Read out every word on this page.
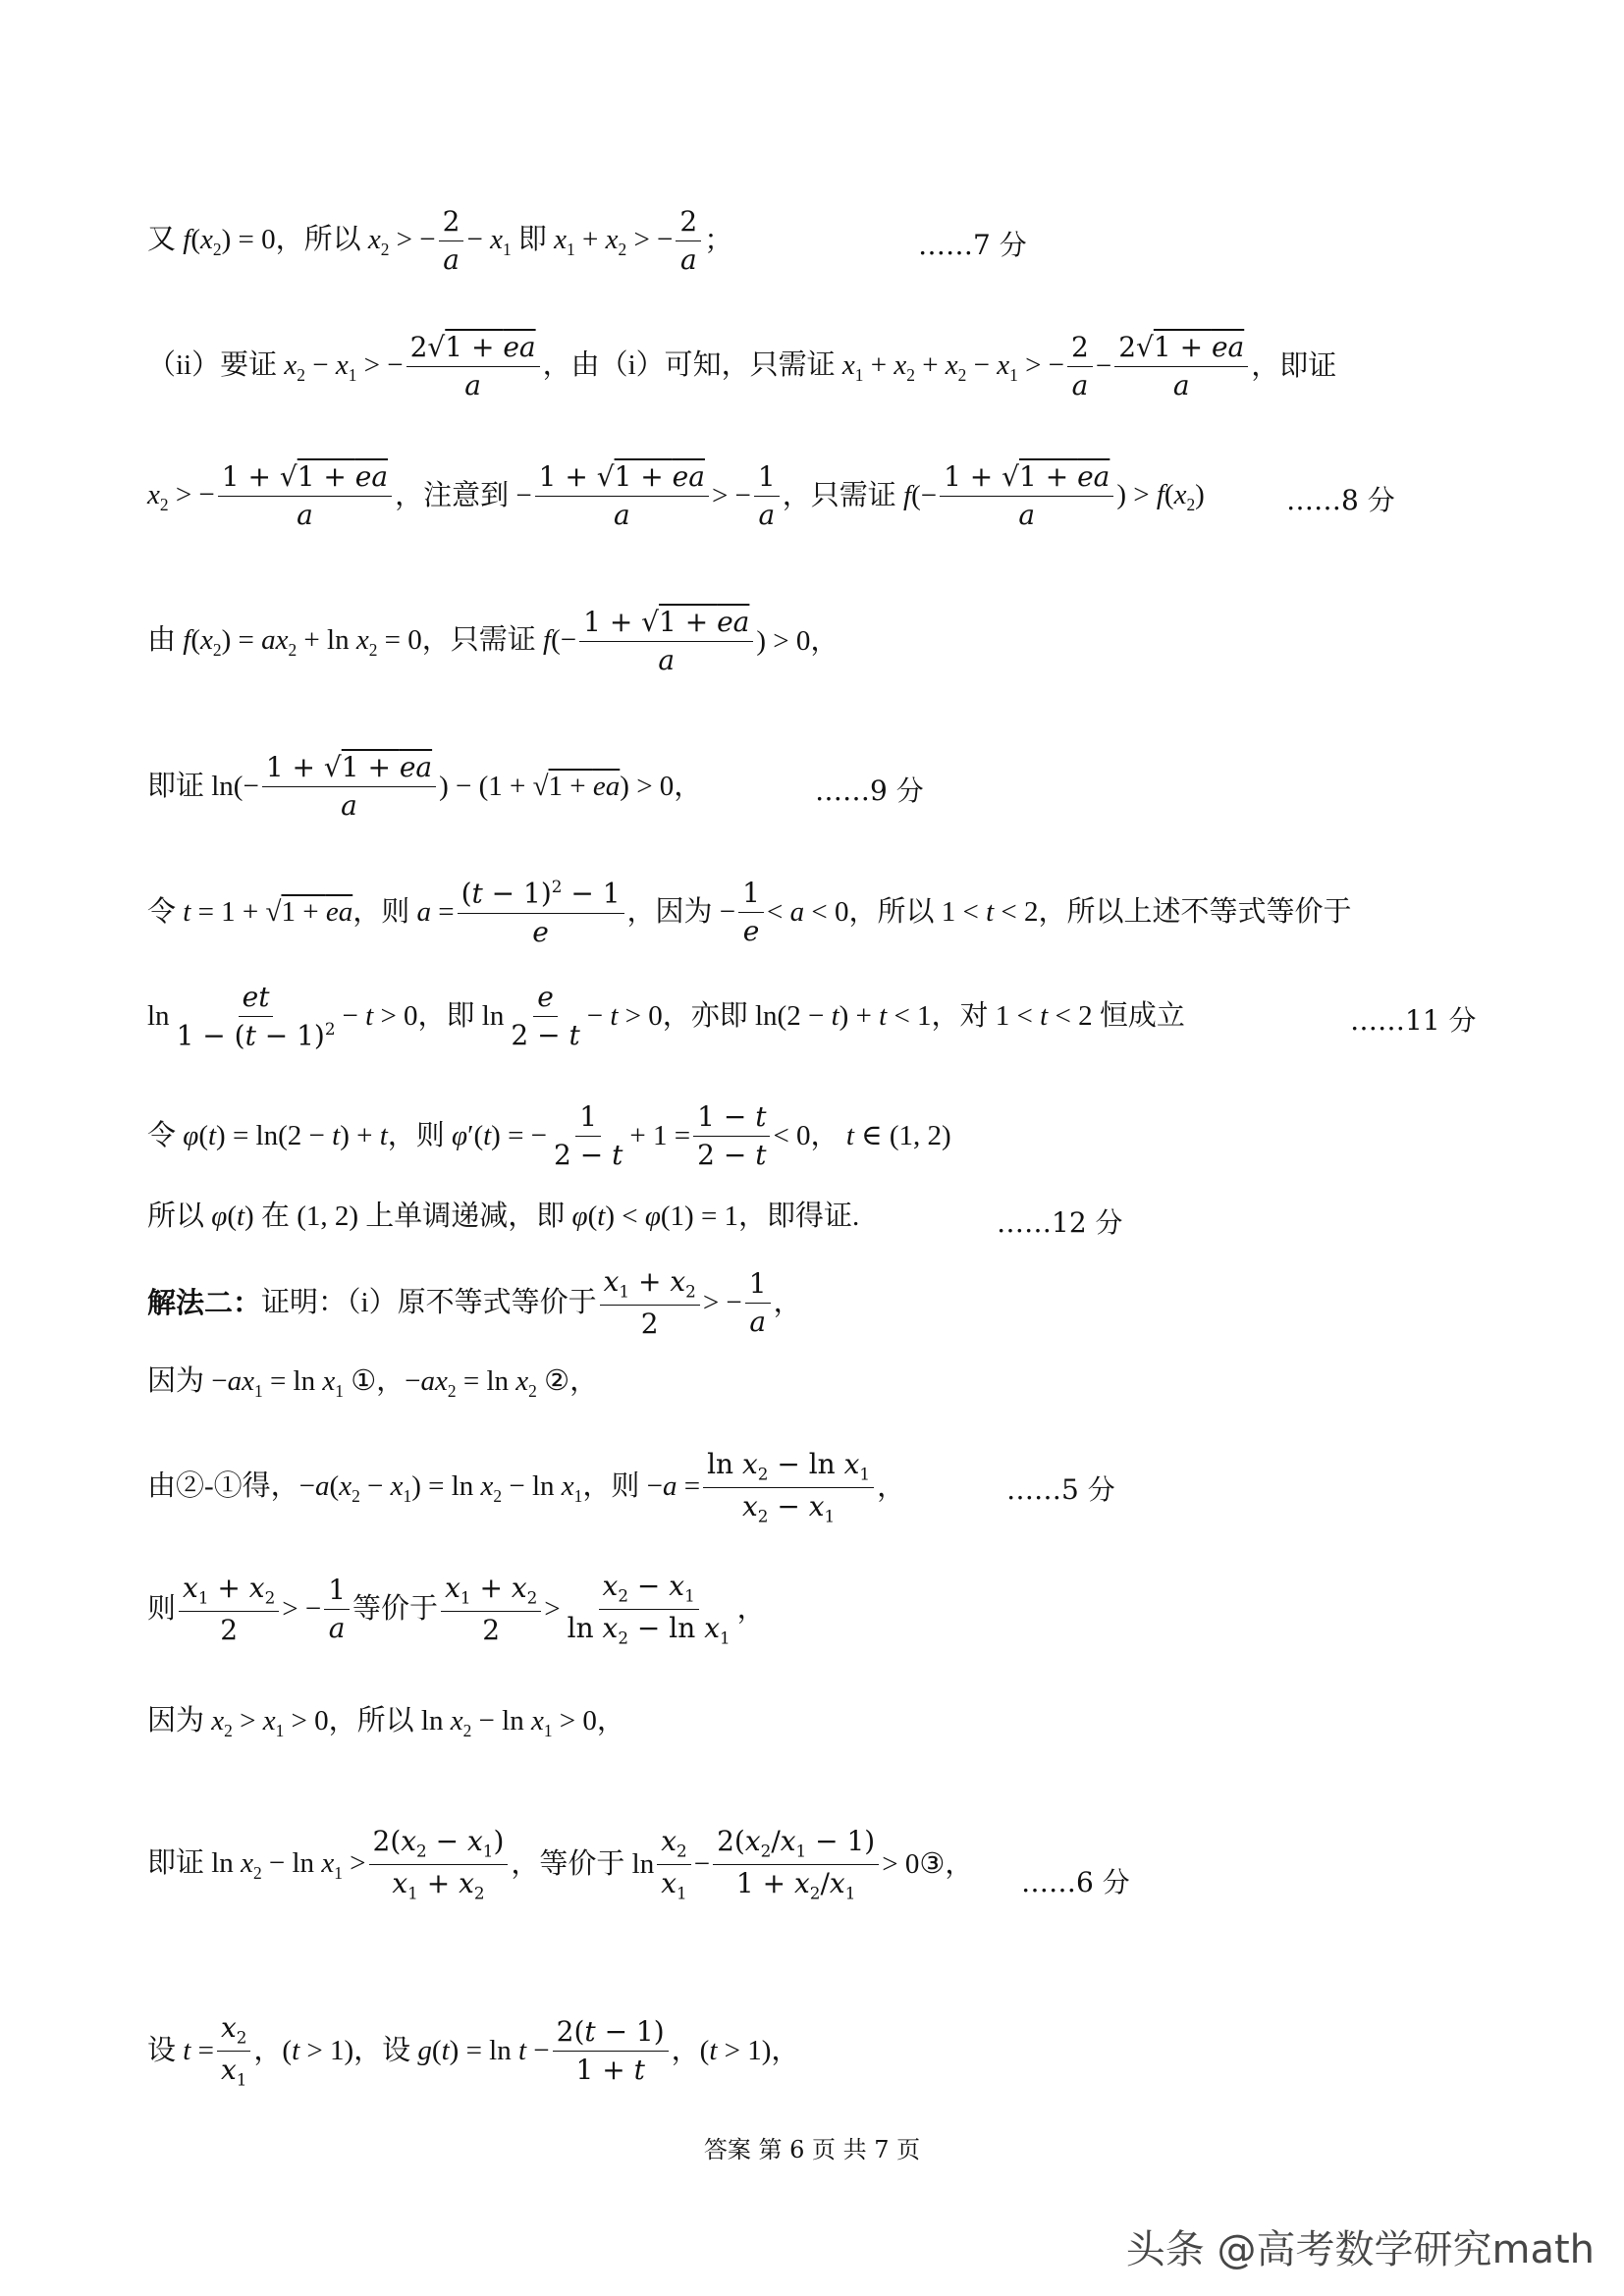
又 $f(x_2) = 0$，所以 $x_2$ > − $\frac{2}{a} - x_1$ 即 $x_1 + x_2$ > − $\frac{2}{a}$ ；	……7 分
（ii）要证 $x_2 - x_1$ > − $\frac{2√1 + ea}{a}$ ，由（i）可知，只需证 $x_1 + x_2 + x_2 - x_1$ > − $\frac{2}{a} - \frac{2√1 + ea}{a}$ ，即证
$x_2$ > − $\frac{1 + √1 + ea}{a}$ ，注意到 − $\frac{1 + √1 + ea}{a}$ > − $\frac{1}{a}$ ，只需证 $f(- \frac{1 + √1 + ea}{a}$ ) > $f(x_2)$	……8 分
由 $f(x_2) = ax_2 + \ln x_2 = 0$，只需证 $f(- \frac{1 + √1 + ea}{a}$ ) > 0，
即证 $\ln(- \frac{1 + √1 + ea}{a}$ ) − (1 + √1 + ea) > 0，	……9 分
令 t = 1 + √1 + ea，则 $a = \frac{(t - 1)^2 - 1}{e}$ ，因为 − $\frac{1}{e} < a < 0$，所以 1 < t < 2，所以上述不等式等价于
$\ln \frac{et}{1 - (t - 1)^2} - t > 0$，即 $\ln \frac{e}{2 - t} - t > 0$，亦即 ln(2 − t) + t < 1，对 1 < t < 2 恒成立	……11 分
令 φ(t) = ln(2 − t) + t，则 φ′(t) = − $\frac{1}{2 - t} + 1 = \frac{1 - t}{2 - t} < 0$， t ∈ (1, 2)
所以 φ(t) 在 (1, 2) 上单调递减，即 φ(t) < φ(1) = 1，即得证.	……12 分
解法二： 证明：（i）原不等式等价于 $\frac{x_1 + x_2}{2}$ > − $\frac{1}{a}$ ，
因为 $-ax_1 = \ln x_1$ ①，$-ax_2 = \ln x_2$ ②，
由②-①得，$-a(x_2 - x_1) = \ln x_2 - \ln x_1$，则 $-a = \frac{\ln x_2 - \ln x_1}{x_2 - x_1}$ ，	……5 分
则 $\frac{x_1 + x_2}{2}$ > − $\frac{1}{a}$ 等价于 $\frac{x_1 + x_2}{2} > \frac{x_2 - x_1}{\ln x_2 - \ln x_1}$ ，
因为 $x_2 > x_1 > 0$，所以 $\ln x_2 - \ln x_1 > 0$，
即证 $\ln x_2 - \ln x_1 > \frac{2(x_2 - x_1)}{x_1 + x_2}$ ，等价于 $\ln \frac{x_2}{x_1} - \frac{2(x_2/x_1 - 1)}{1 + x_2/x_1}$ > 0③，
……6 分
设 $t = \frac{x_2}{x_1}$ ，(t > 1)，设 $g(t) = \ln t - \frac{2(t - 1)}{1 + t}$ ，(t > 1)，
答案 第 6 页 共 7 页
头条 @高考数学研究math
